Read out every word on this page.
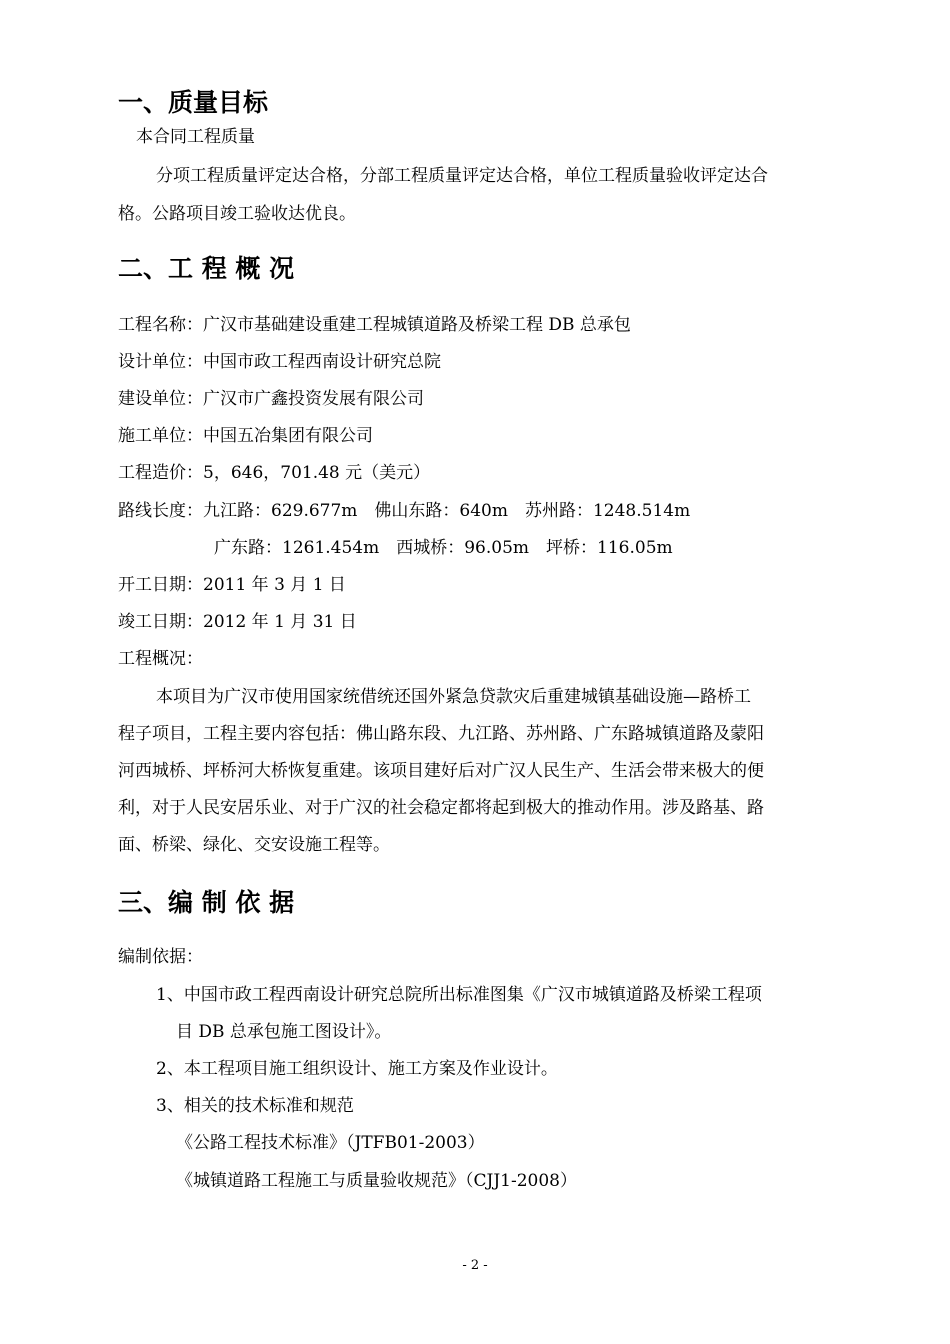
一、质量目标

本合同工程质量

分项工程质量评定达合格，分部工程质量评定达合格，单位工程质量验收评定达合

格。公路项目竣工验收达优良。

二、工 程 概 况

工程名称：广汉市基础建设重建工程城镇道路及桥梁工程 DB 总承包

设计单位：中国市政工程西南设计研究总院

建设单位：广汉市广鑫投资发展有限公司

施工单位：中国五冶集团有限公司

工程造价：5，646，701.48 元（美元）

路线长度：九江路：629.677m　佛山东路：640m　苏州路：1248.514m

广东路：1261.454m　西城桥：96.05m　坪桥：116.05m

开工日期：2011 年 3 月 1 日

竣工日期：2012 年 1 月 31 日

工程概况：

本项目为广汉市使用国家统借统还国外紧急贷款灾后重建城镇基础设施—路桥工

程子项目，工程主要内容包括：佛山路东段、九江路、苏州路、广东路城镇道路及蒙阳

河西城桥、坪桥河大桥恢复重建。该项目建好后对广汉人民生产、生活会带来极大的便

利，对于人民安居乐业、对于广汉的社会稳定都将起到极大的推动作用。涉及路基、路

面、桥梁、绿化、交安设施工程等。

三、编 制 依 据

编制依据：

1、中国市政工程西南设计研究总院所出标准图集《广汉市城镇道路及桥梁工程项

目 DB 总承包施工图设计》。

2、本工程项目施工组织设计、施工方案及作业设计。

3、相关的技术标准和规范

《公路工程技术标准》（JTFB01-2003）

《城镇道路工程施工与质量验收规范》（CJJ1-2008）

- 2 -
